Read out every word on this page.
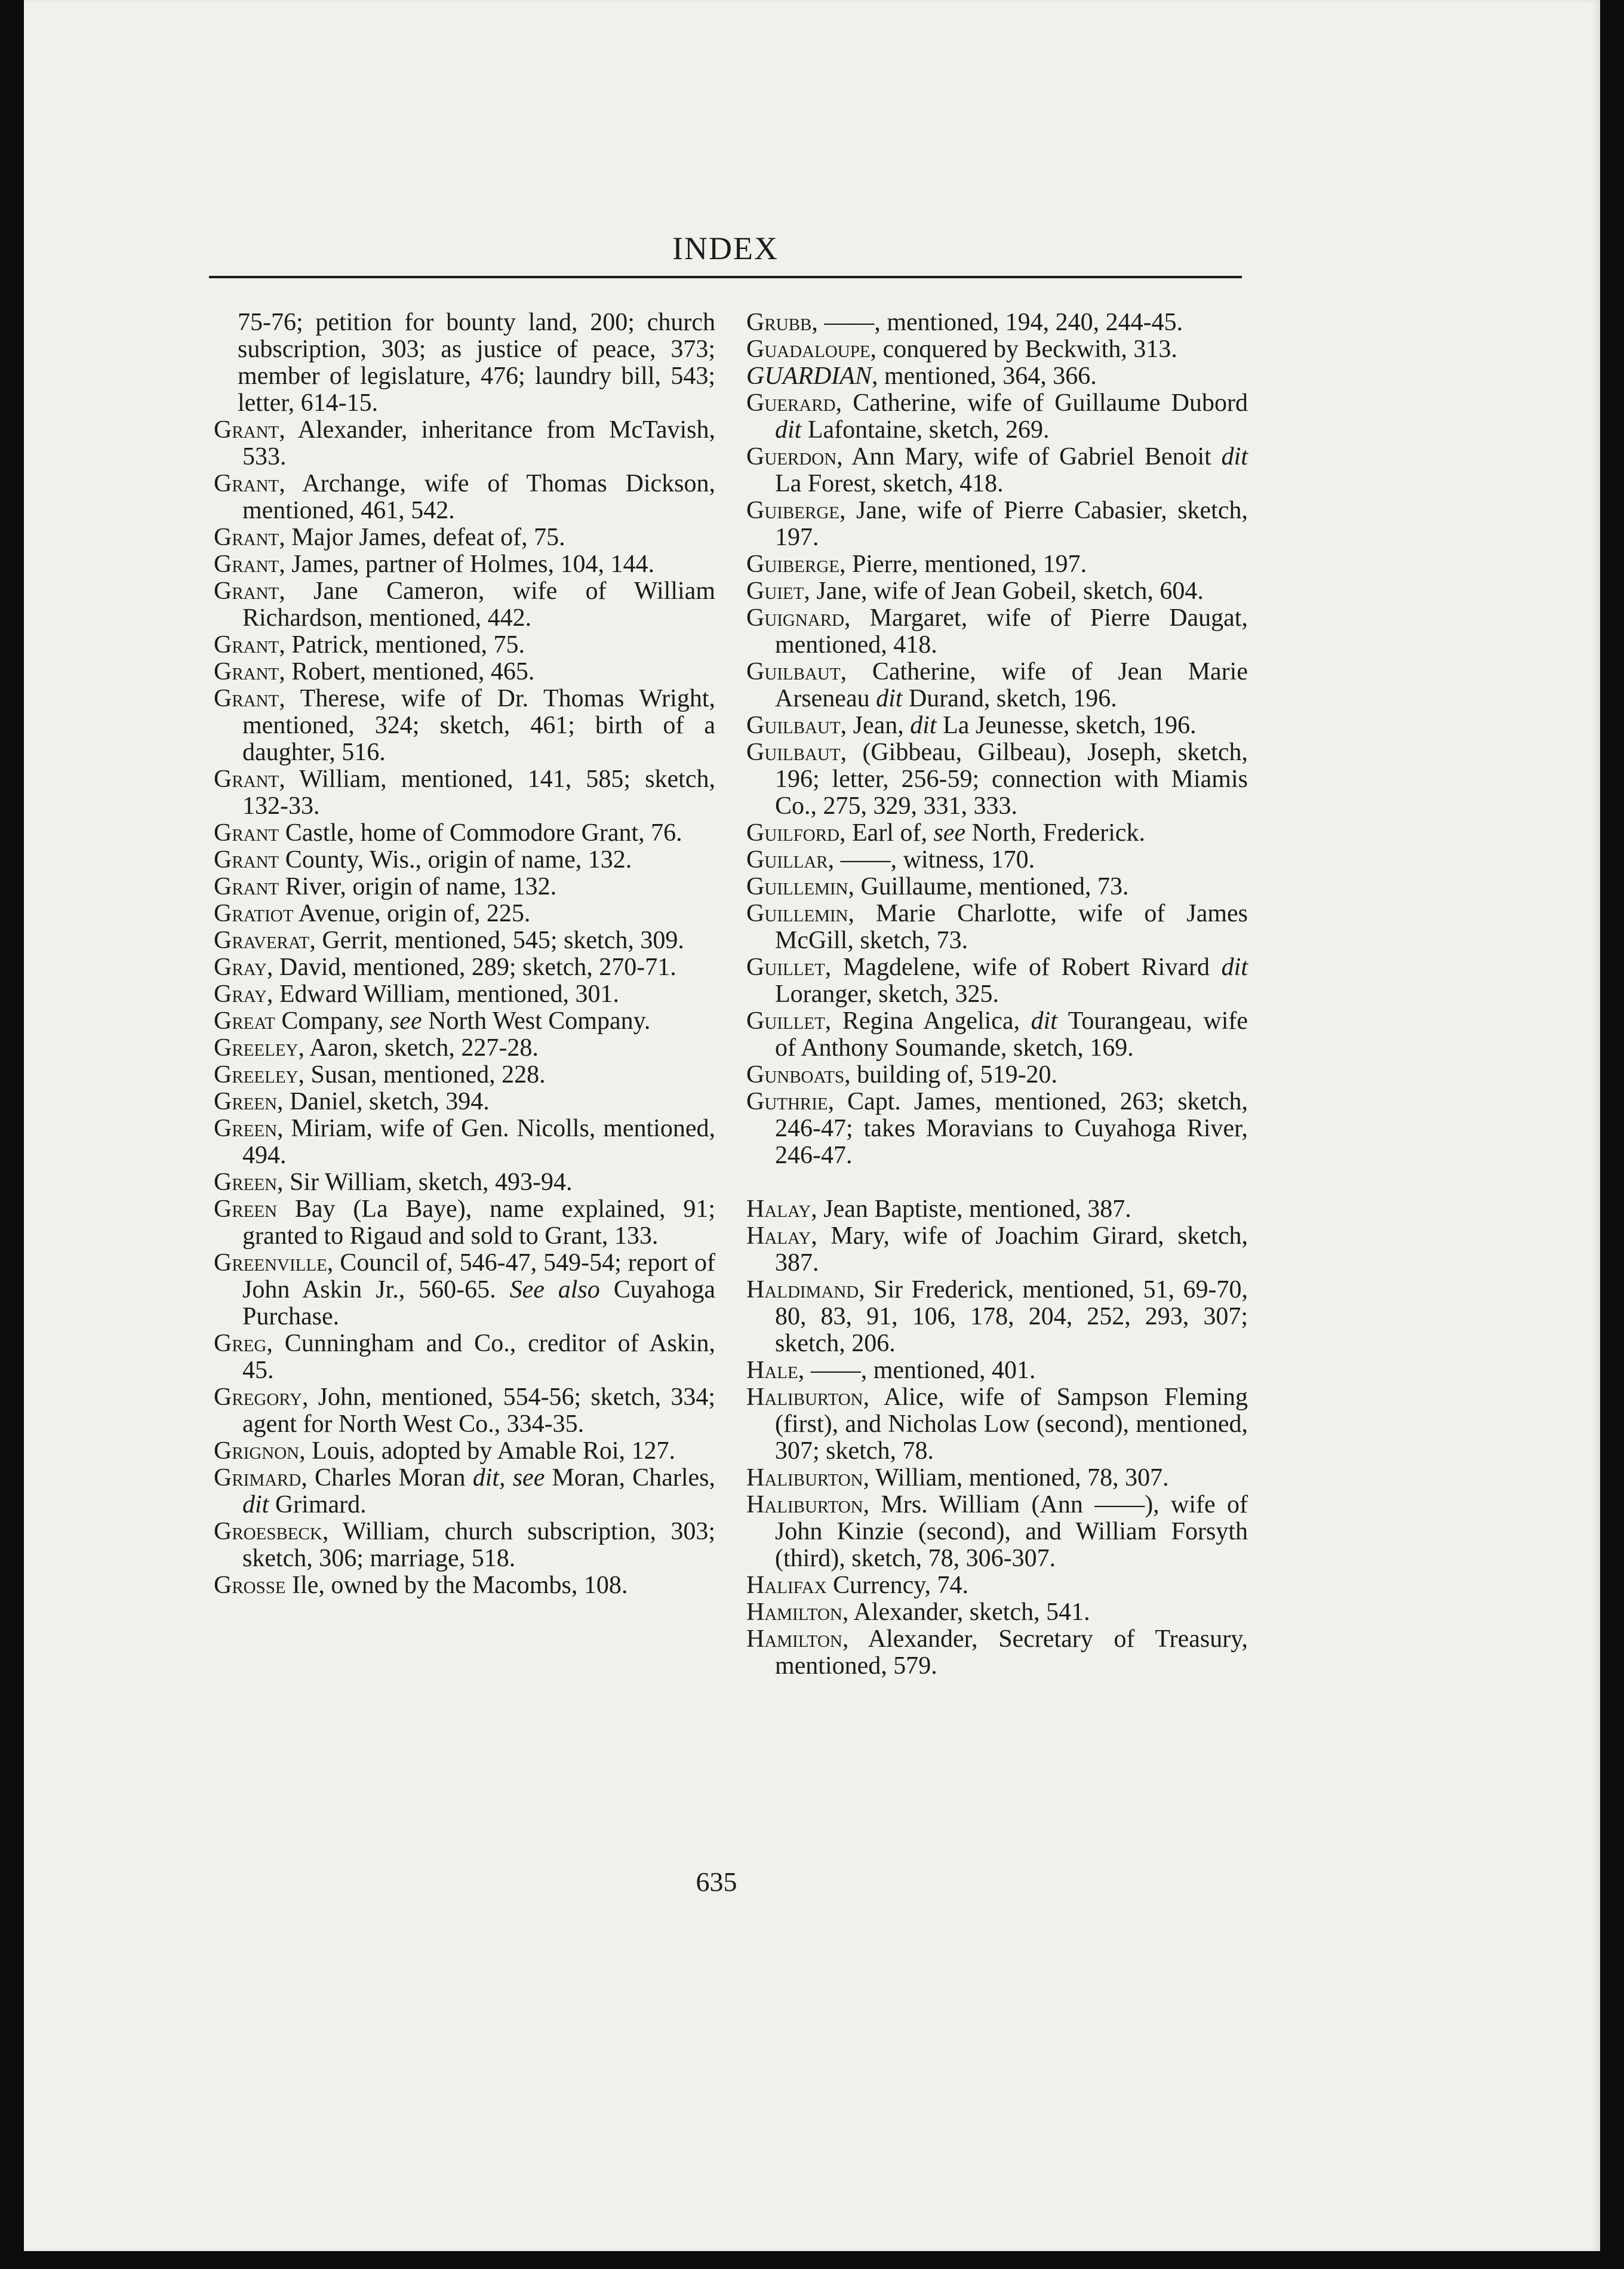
INDEX

75-76; petition for bounty land, 200; church subscription, 303; as justice of peace, 373; member of legislature, 476; laundry bill, 543; letter, 614-15.

Grant, Alexander, inheritance from McTavish, 533.

Grant, Archange, wife of Thomas Dickson, mentioned, 461, 542.

Grant, Major James, defeat of, 75.

Grant, James, partner of Holmes, 104, 144.

Grant, Jane Cameron, wife of William Richardson, mentioned, 442.

Grant, Patrick, mentioned, 75.

Grant, Robert, mentioned, 465.

Grant, Therese, wife of Dr. Thomas Wright, mentioned, 324; sketch, 461; birth of a daughter, 516.

Grant, William, mentioned, 141, 585; sketch, 132-33.

Grant Castle, home of Commodore Grant, 76.

Grant County, Wis., origin of name, 132.

Grant River, origin of name, 132.

Gratiot Avenue, origin of, 225.

Graverat, Gerrit, mentioned, 545; sketch, 309.

Gray, David, mentioned, 289; sketch, 270-71.

Gray, Edward William, mentioned, 301.

Great Company, see North West Company.

Greeley, Aaron, sketch, 227-28.

Greeley, Susan, mentioned, 228.

Green, Daniel, sketch, 394.

Green, Miriam, wife of Gen. Nicolls, mentioned, 494.

Green, Sir William, sketch, 493-94.

Green Bay (La Baye), name explained, 91; granted to Rigaud and sold to Grant, 133.

Greenville, Council of, 546-47, 549-54; report of John Askin Jr., 560-65. See also Cuyahoga Purchase.

Greg, Cunningham and Co., creditor of Askin, 45.

Gregory, John, mentioned, 554-56; sketch, 334; agent for North West Co., 334-35.

Grignon, Louis, adopted by Amable Roi, 127.

Grimard, Charles Moran dit, see Moran, Charles, dit Grimard.

Groesbeck, William, church subscription, 303; sketch, 306; marriage, 518.

Grosse Ile, owned by the Macombs, 108.

Grubb, ——, mentioned, 194, 240, 244-45.

Guadaloupe, conquered by Beckwith, 313.

GUARDIAN, mentioned, 364, 366.

Guerard, Catherine, wife of Guillaume Dubord dit Lafontaine, sketch, 269.

Guerdon, Ann Mary, wife of Gabriel Benoit dit La Forest, sketch, 418.

Guiberge, Jane, wife of Pierre Cabasier, sketch, 197.

Guiberge, Pierre, mentioned, 197.

Guiet, Jane, wife of Jean Gobeil, sketch, 604.

Guignard, Margaret, wife of Pierre Daugat, mentioned, 418.

Guilbaut, Catherine, wife of Jean Marie Arseneau dit Durand, sketch, 196.

Guilbaut, Jean, dit La Jeunesse, sketch, 196.

Guilbaut, (Gibbeau, Gilbeau), Joseph, sketch, 196; letter, 256-59; connection with Miamis Co., 275, 329, 331, 333.

Guilford, Earl of, see North, Frederick.

Guillar, ——, witness, 170.

Guillemin, Guillaume, mentioned, 73.

Guillemin, Marie Charlotte, wife of James McGill, sketch, 73.

Guillet, Magdelene, wife of Robert Rivard dit Loranger, sketch, 325.

Guillet, Regina Angelica, dit Tourangeau, wife of Anthony Soumande, sketch, 169.

Gunboats, building of, 519-20.

Guthrie, Capt. James, mentioned, 263; sketch, 246-47; takes Moravians to Cuyahoga River, 246-47.

Halay, Jean Baptiste, mentioned, 387.

Halay, Mary, wife of Joachim Girard, sketch, 387.

Haldimand, Sir Frederick, mentioned, 51, 69-70, 80, 83, 91, 106, 178, 204, 252, 293, 307; sketch, 206.

Hale, ——, mentioned, 401.

Haliburton, Alice, wife of Sampson Fleming (first), and Nicholas Low (second), mentioned, 307; sketch, 78.

Haliburton, William, mentioned, 78, 307.

Haliburton, Mrs. William (Ann ——), wife of John Kinzie (second), and William Forsyth (third), sketch, 78, 306-307.

Halifax Currency, 74.

Hamilton, Alexander, sketch, 541.

Hamilton, Alexander, Secretary of Treasury, mentioned, 579.

635
